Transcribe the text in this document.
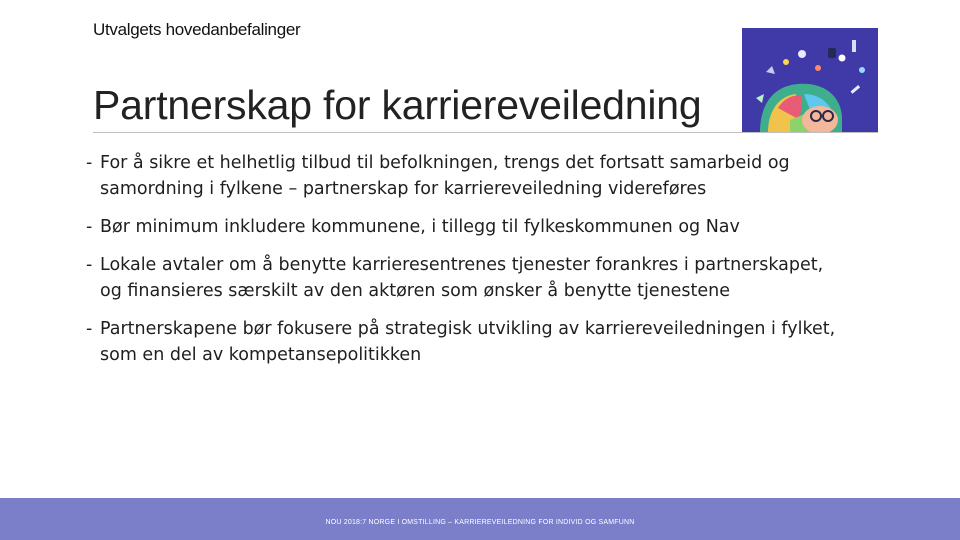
Utvalgets hovedanbefalinger
Partnerskap for karriereveiledning
- For å sikre et helhetlig tilbud til befolkningen, trengs det fortsatt samarbeid og samordning i fylkene – partnerskap for karriereveiledning videreføres
- Bør minimum inkludere kommunene, i tillegg til fylkeskommunen og Nav
- Lokale avtaler om å benytte karrieresentrenes tjenester forankres i partnerskapet, og finansieres særskilt av den aktøren som ønsker å benytte tjenestene
- Partnerskapene bør fokusere på strategisk utvikling av karriereveiledningen i fylket, som en del av kompetansepolitikken
NOU 2018:7 NORGE I OMSTILLING – KARRIEREVEILEDNING FOR INDIVID OG SAMFUNN
